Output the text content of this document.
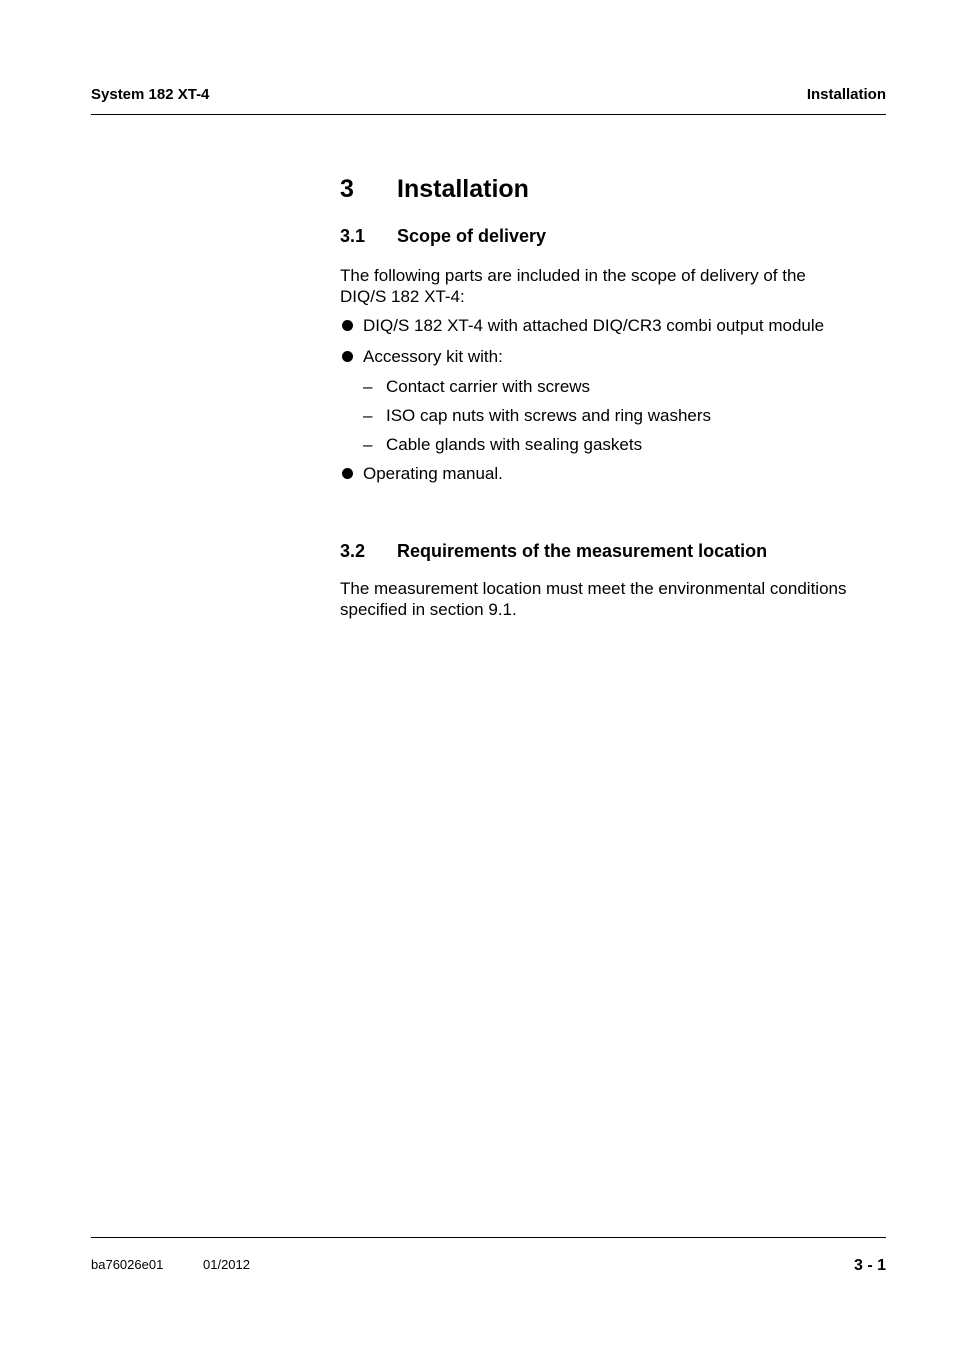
System 182 XT-4	Installation
3 Installation
3.1 Scope of delivery
The following parts are included in the scope of delivery of the DIQ/S 182 XT-4:
DIQ/S 182 XT-4 with attached DIQ/CR3 combi output module
Accessory kit with:
– Contact carrier with screws
– ISO cap nuts with screws and ring washers
– Cable glands with sealing gaskets
Operating manual.
3.2 Requirements of the measurement location
The measurement location must meet the environmental conditions specified in section 9.1.
ba76026e01	01/2012	3 - 1
